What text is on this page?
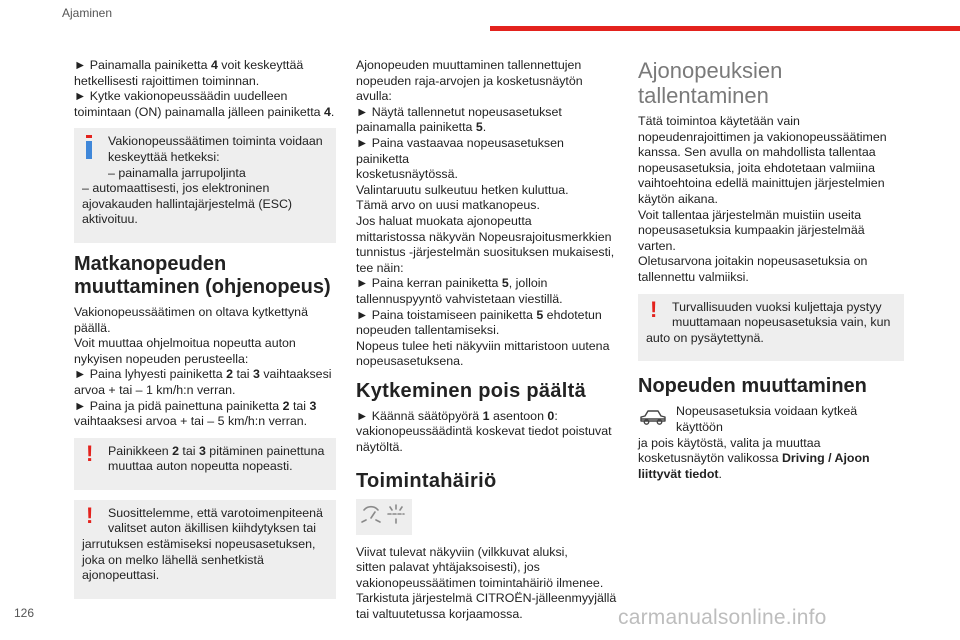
Ajaminen
► Painamalla painiketta 4 voit keskeyttää
hetkellisesti rajoittimen toiminnan.
► Kytke vakionopeussäädin uudelleen
toimintaan (ON) painamalla jälleen painiketta 4.
Vakionopeussäätimen toiminta voidaan
keskeyttää hetkeksi:
– painamalla jarrupoljinta
– automaattisesti, jos elektroninen
ajovakauden hallintajärjestelmä (ESC)
aktivoituu.
Matkanopeuden muuttaminen (ohjenopeus)
Vakionopeussäätimen on oltava kytkettynä
päällä.
Voit muuttaa ohjelmoitua nopeutta auton
nykyisen nopeuden perusteella:
► Paina lyhyesti painiketta 2 tai 3 vaihtaaksesi
arvoa + tai – 1 km/h:n verran.
► Paina ja pidä painettuna painiketta 2 tai 3
vaihtaaksesi arvoa + tai – 5 km/h:n verran.
!	Painikkeen 2 tai 3 pitäminen painettuna
muuttaa auton nopeutta nopeasti.
!	Suosittelemme, että varotoimenpiteenä
valitset auton äkillisen kiihdytyksen tai
jarrutuksen estämiseksi nopeusasetuksen,
joka on melko lähellä senhetkistä
ajonopeuttasi.
Ajonopeuden muuttaminen tallennettujen
nopeuden raja-arvojen ja kosketusnäytön avulla:
► Näytä tallennetut nopeusasetukset
painamalla painiketta 5.
► Paina vastaavaa nopeusasetuksen painiketta
kosketusnäytössä.
Valintaruutu sulkeutuu hetken kuluttua.
Tämä arvo on uusi matkanopeus.
Jos haluat muokata ajonopeutta
mittaristossa näkyvän Nopeusrajoitusmerkkien
tunnistus -järjestelmän suosituksen mukaisesti,
tee näin:
► Paina kerran painiketta 5, jolloin
tallennuspyyntö vahvistetaan viestillä.
► Paina toistamiseen painiketta 5 ehdotetun
nopeuden tallentamiseksi.
Nopeus tulee heti näkyviin mittaristoon uutena
nopeusasetuksena.
Kytkeminen pois päältä
► Käännä säätöpyörä 1 asentoon 0:
vakionopeussäädintä koskevat tiedot poistuvat
näytöltä.
Toimintahäiriö
Viivat tulevat näkyviin (vilkkuvat aluksi,
sitten palavat yhtäjaksoisesti), jos
vakionopeussäätimen toimintahäiriö ilmenee.
Tarkistuta järjestelmä CITROËN-jälleenmyyjällä
tai valtuutetussa korjaamossa.
Ajonopeuksien tallentaminen
Tätä toimintoa käytetään vain
nopeudenrajoittimen ja vakionopeussäätimen
kanssa. Sen avulla on mahdollista tallentaa
nopeusasetuksia, joita ehdotetaan valmiina
vaihtoehtoina edellä mainittujen järjestelmien
käytön aikana.
Voit tallentaa järjestelmän muistiin useita
nopeusasetuksia kumpaakin järjestelmää varten.
Oletusarvona joitakin nopeusasetuksia on
tallennettu valmiiksi.
!	Turvallisuuden vuoksi kuljettaja pystyy
muuttamaan nopeusasetuksia vain, kun
auto on pysäytettynä.
Nopeuden muuttaminen
Nopeusasetuksia voidaan kytkeä käyttöön
ja pois käytöstä, valita ja muuttaa
kosketusnäytön valikossa Driving / Ajoon
liittyvät tiedot.
126	carmanualsonline.info
